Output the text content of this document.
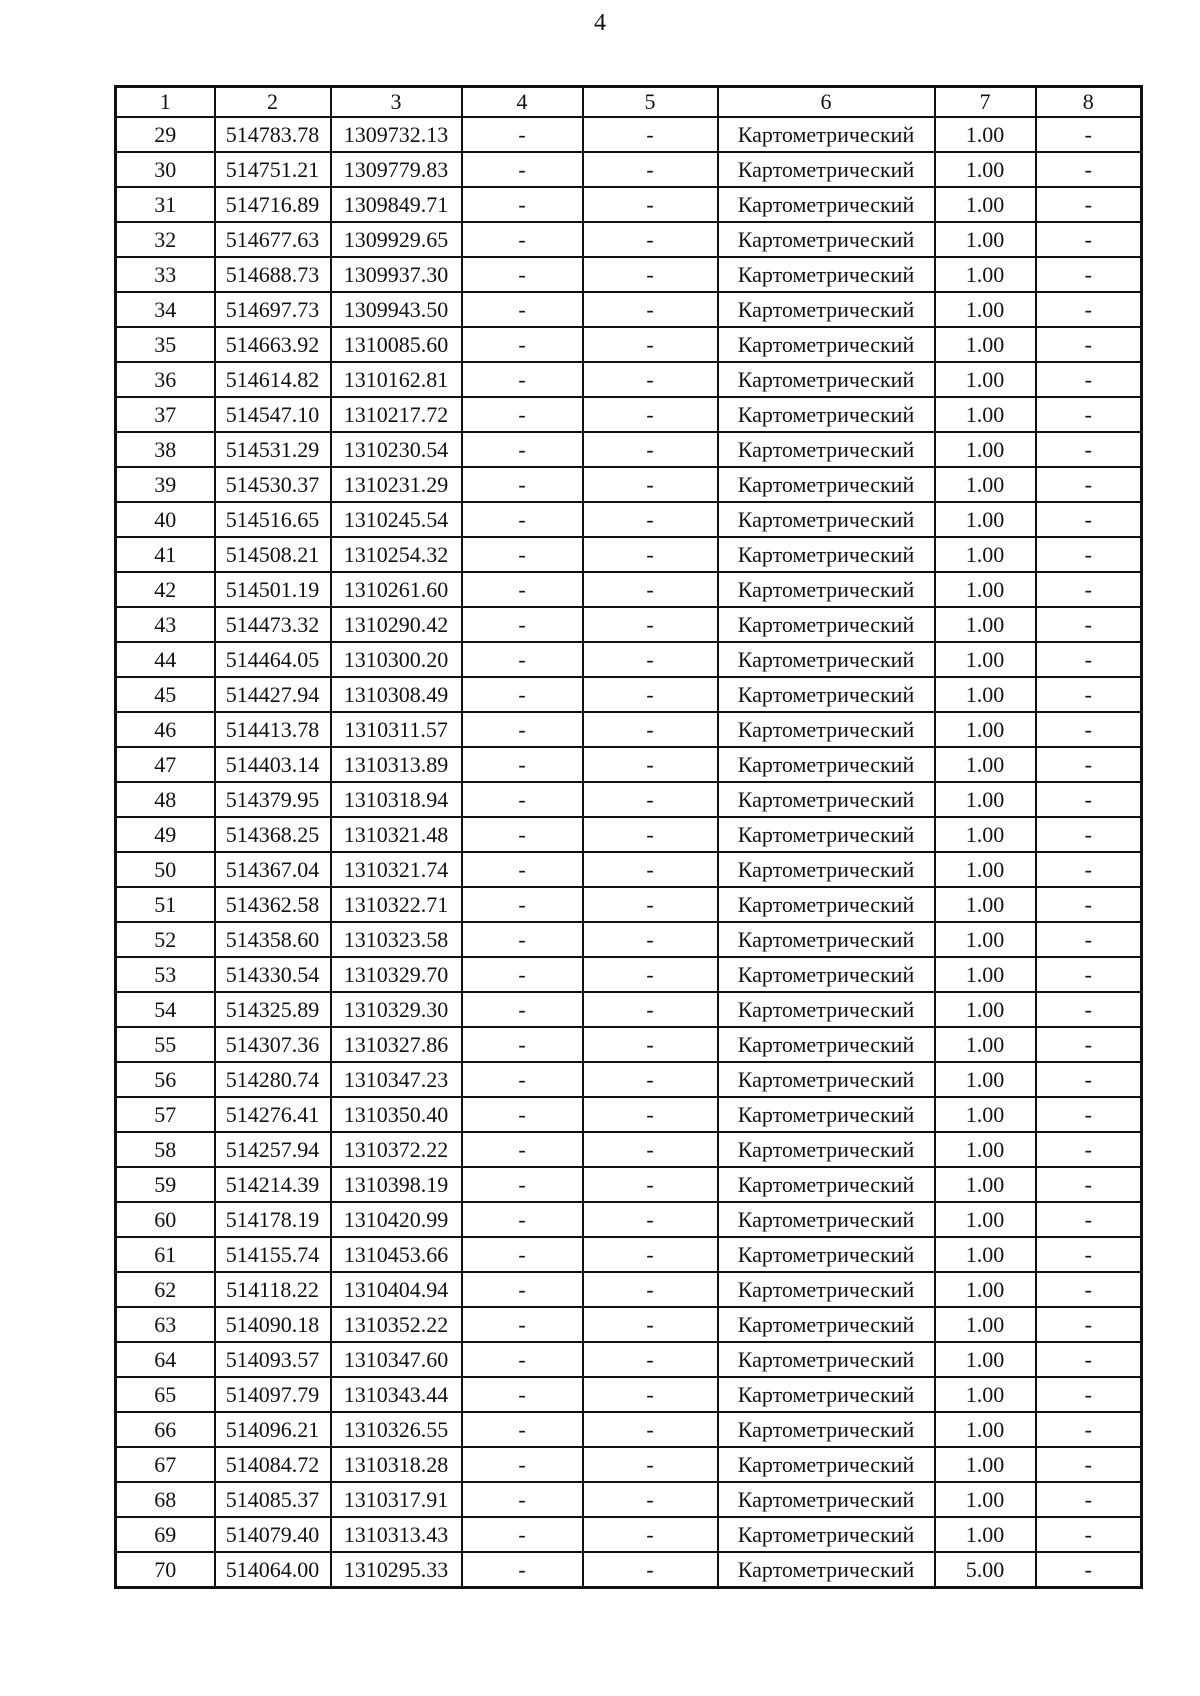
4
1	2	3	4	5	6	7	8
29	514783.78	1309732.13	-	-	Картометрический	1.00	-
30	514751.21	1309779.83	-	-	Картометрический	1.00	-
31	514716.89	1309849.71	-	-	Картометрический	1.00	-
32	514677.63	1309929.65	-	-	Картометрический	1.00	-
33	514688.73	1309937.30	-	-	Картометрический	1.00	-
34	514697.73	1309943.50	-	-	Картометрический	1.00	-
35	514663.92	1310085.60	-	-	Картометрический	1.00	-
36	514614.82	1310162.81	-	-	Картометрический	1.00	-
37	514547.10	1310217.72	-	-	Картометрический	1.00	-
38	514531.29	1310230.54	-	-	Картометрический	1.00	-
39	514530.37	1310231.29	-	-	Картометрический	1.00	-
40	514516.65	1310245.54	-	-	Картометрический	1.00	-
41	514508.21	1310254.32	-	-	Картометрический	1.00	-
42	514501.19	1310261.60	-	-	Картометрический	1.00	-
43	514473.32	1310290.42	-	-	Картометрический	1.00	-
44	514464.05	1310300.20	-	-	Картометрический	1.00	-
45	514427.94	1310308.49	-	-	Картометрический	1.00	-
46	514413.78	1310311.57	-	-	Картометрический	1.00	-
47	514403.14	1310313.89	-	-	Картометрический	1.00	-
48	514379.95	1310318.94	-	-	Картометрический	1.00	-
49	514368.25	1310321.48	-	-	Картометрический	1.00	-
50	514367.04	1310321.74	-	-	Картометрический	1.00	-
51	514362.58	1310322.71	-	-	Картометрический	1.00	-
52	514358.60	1310323.58	-	-	Картометрический	1.00	-
53	514330.54	1310329.70	-	-	Картометрический	1.00	-
54	514325.89	1310329.30	-	-	Картометрический	1.00	-
55	514307.36	1310327.86	-	-	Картометрический	1.00	-
56	514280.74	1310347.23	-	-	Картометрический	1.00	-
57	514276.41	1310350.40	-	-	Картометрический	1.00	-
58	514257.94	1310372.22	-	-	Картометрический	1.00	-
59	514214.39	1310398.19	-	-	Картометрический	1.00	-
60	514178.19	1310420.99	-	-	Картометрический	1.00	-
61	514155.74	1310453.66	-	-	Картометрический	1.00	-
62	514118.22	1310404.94	-	-	Картометрический	1.00	-
63	514090.18	1310352.22	-	-	Картометрический	1.00	-
64	514093.57	1310347.60	-	-	Картометрический	1.00	-
65	514097.79	1310343.44	-	-	Картометрический	1.00	-
66	514096.21	1310326.55	-	-	Картометрический	1.00	-
67	514084.72	1310318.28	-	-	Картометрический	1.00	-
68	514085.37	1310317.91	-	-	Картометрический	1.00	-
69	514079.40	1310313.43	-	-	Картометрический	1.00	-
70	514064.00	1310295.33	-	-	Картометрический	5.00	-
